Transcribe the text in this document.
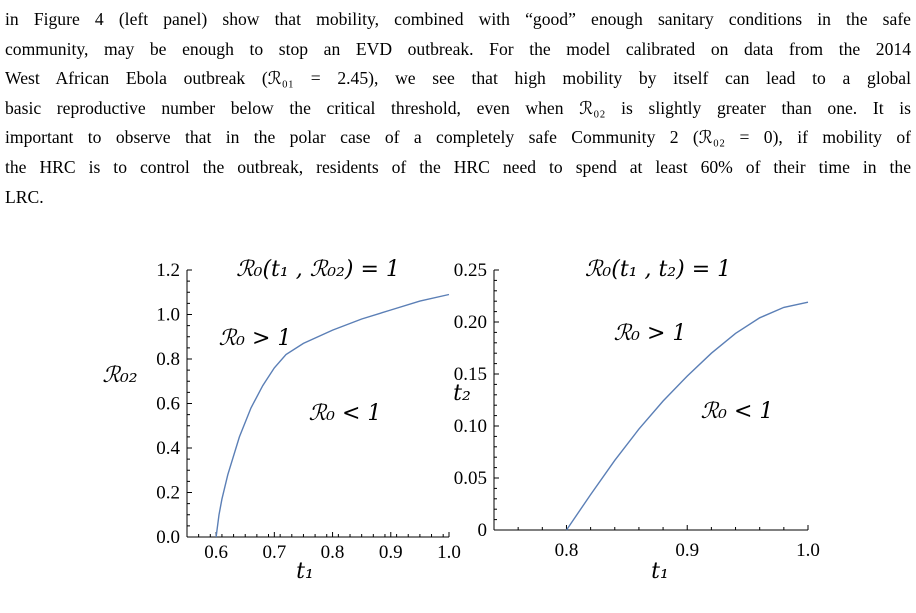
in Figure 4 (left panel) show that mobility, combined with “good” enough sanitary conditions in the safe
community, may be enough to stop an EVD outbreak. For the model calibrated on data from the 2014
West African Ebola outbreak (ℛ₀₁ = 2.45), we see that high mobility by itself can lead to a global
basic reproductive number below the critical threshold, even when ℛ₀₂ is slightly greater than one. It is
important to observe that in the polar case of a completely safe Community 2 (ℛ₀₂ = 0), if mobility of
the HRC is to control the outbreak, residents of the HRC need to spend at least 60% of their time in the
LRC.
0.0
0.2
0.4
0.6
0.8
1.0
1.2
0.6 0.7 0.8 0.9 1.0
ℛ₀(t₁ , ℛ₀₂) = 1
ℛ₀₂
t₁
ℛ₀ > 1
ℛ₀ < 1
0
0.05
0.10
0.15
0.20
0.25
0.8	0.9	1.0
ℛ₀(t₁ , t₂) = 1
t₂
t₁
ℛ₀ > 1
ℛ₀ < 1
